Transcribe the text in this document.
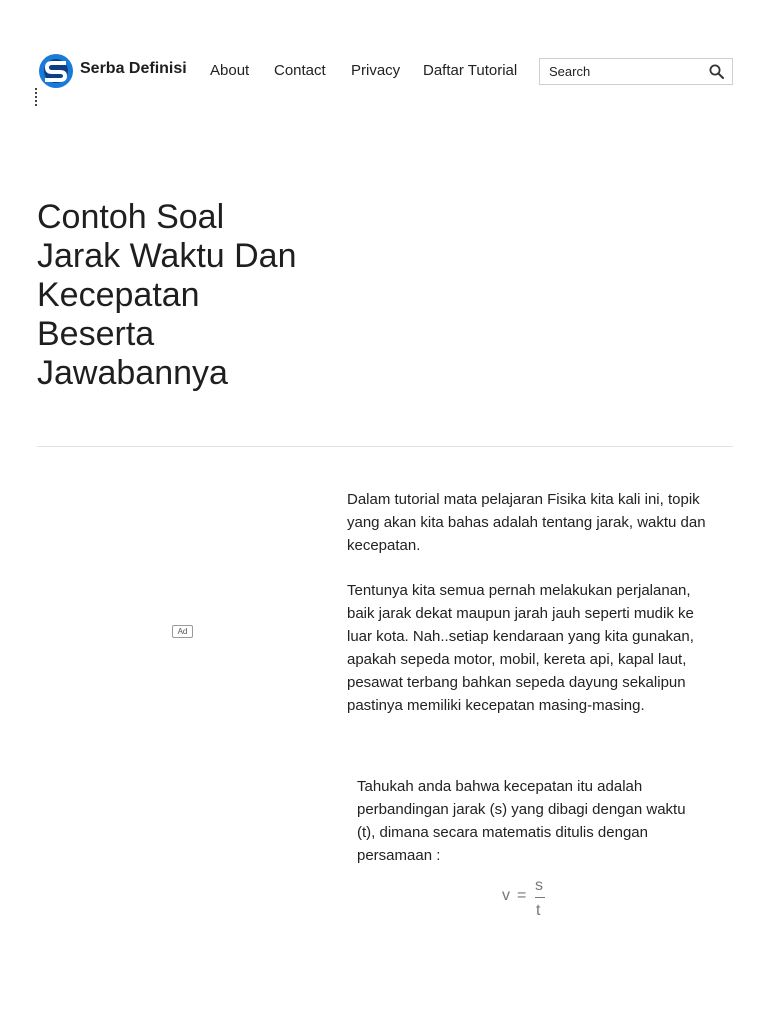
Serba Definisi About Contact Privacy Daftar Tutorial
Search
Contoh Soal Jarak Waktu Dan Kecepatan Beserta Jawabannya
Ad

Dalam tutorial mata pelajaran Fisika kita kali ini, topik yang akan kita bahas adalah tentang jarak, waktu dan kecepatan.

Tentunya kita semua pernah melakukan perjalanan, baik jarak dekat maupun jarah jauh seperti mudik ke luar kota. Nah..setiap kendaraan yang kita gunakan, apakah sepeda motor, mobil, kereta api, kapal laut, pesawat terbang bahkan sepeda dayung sekalipun pastinya memiliki kecepatan masing-masing.

Tahukah anda bahwa kecepatan itu adalah perbandingan jarak (s) yang dibagi dengan waktu (t), dimana secara matematis ditulis dengan persamaan :

v =
s
t
